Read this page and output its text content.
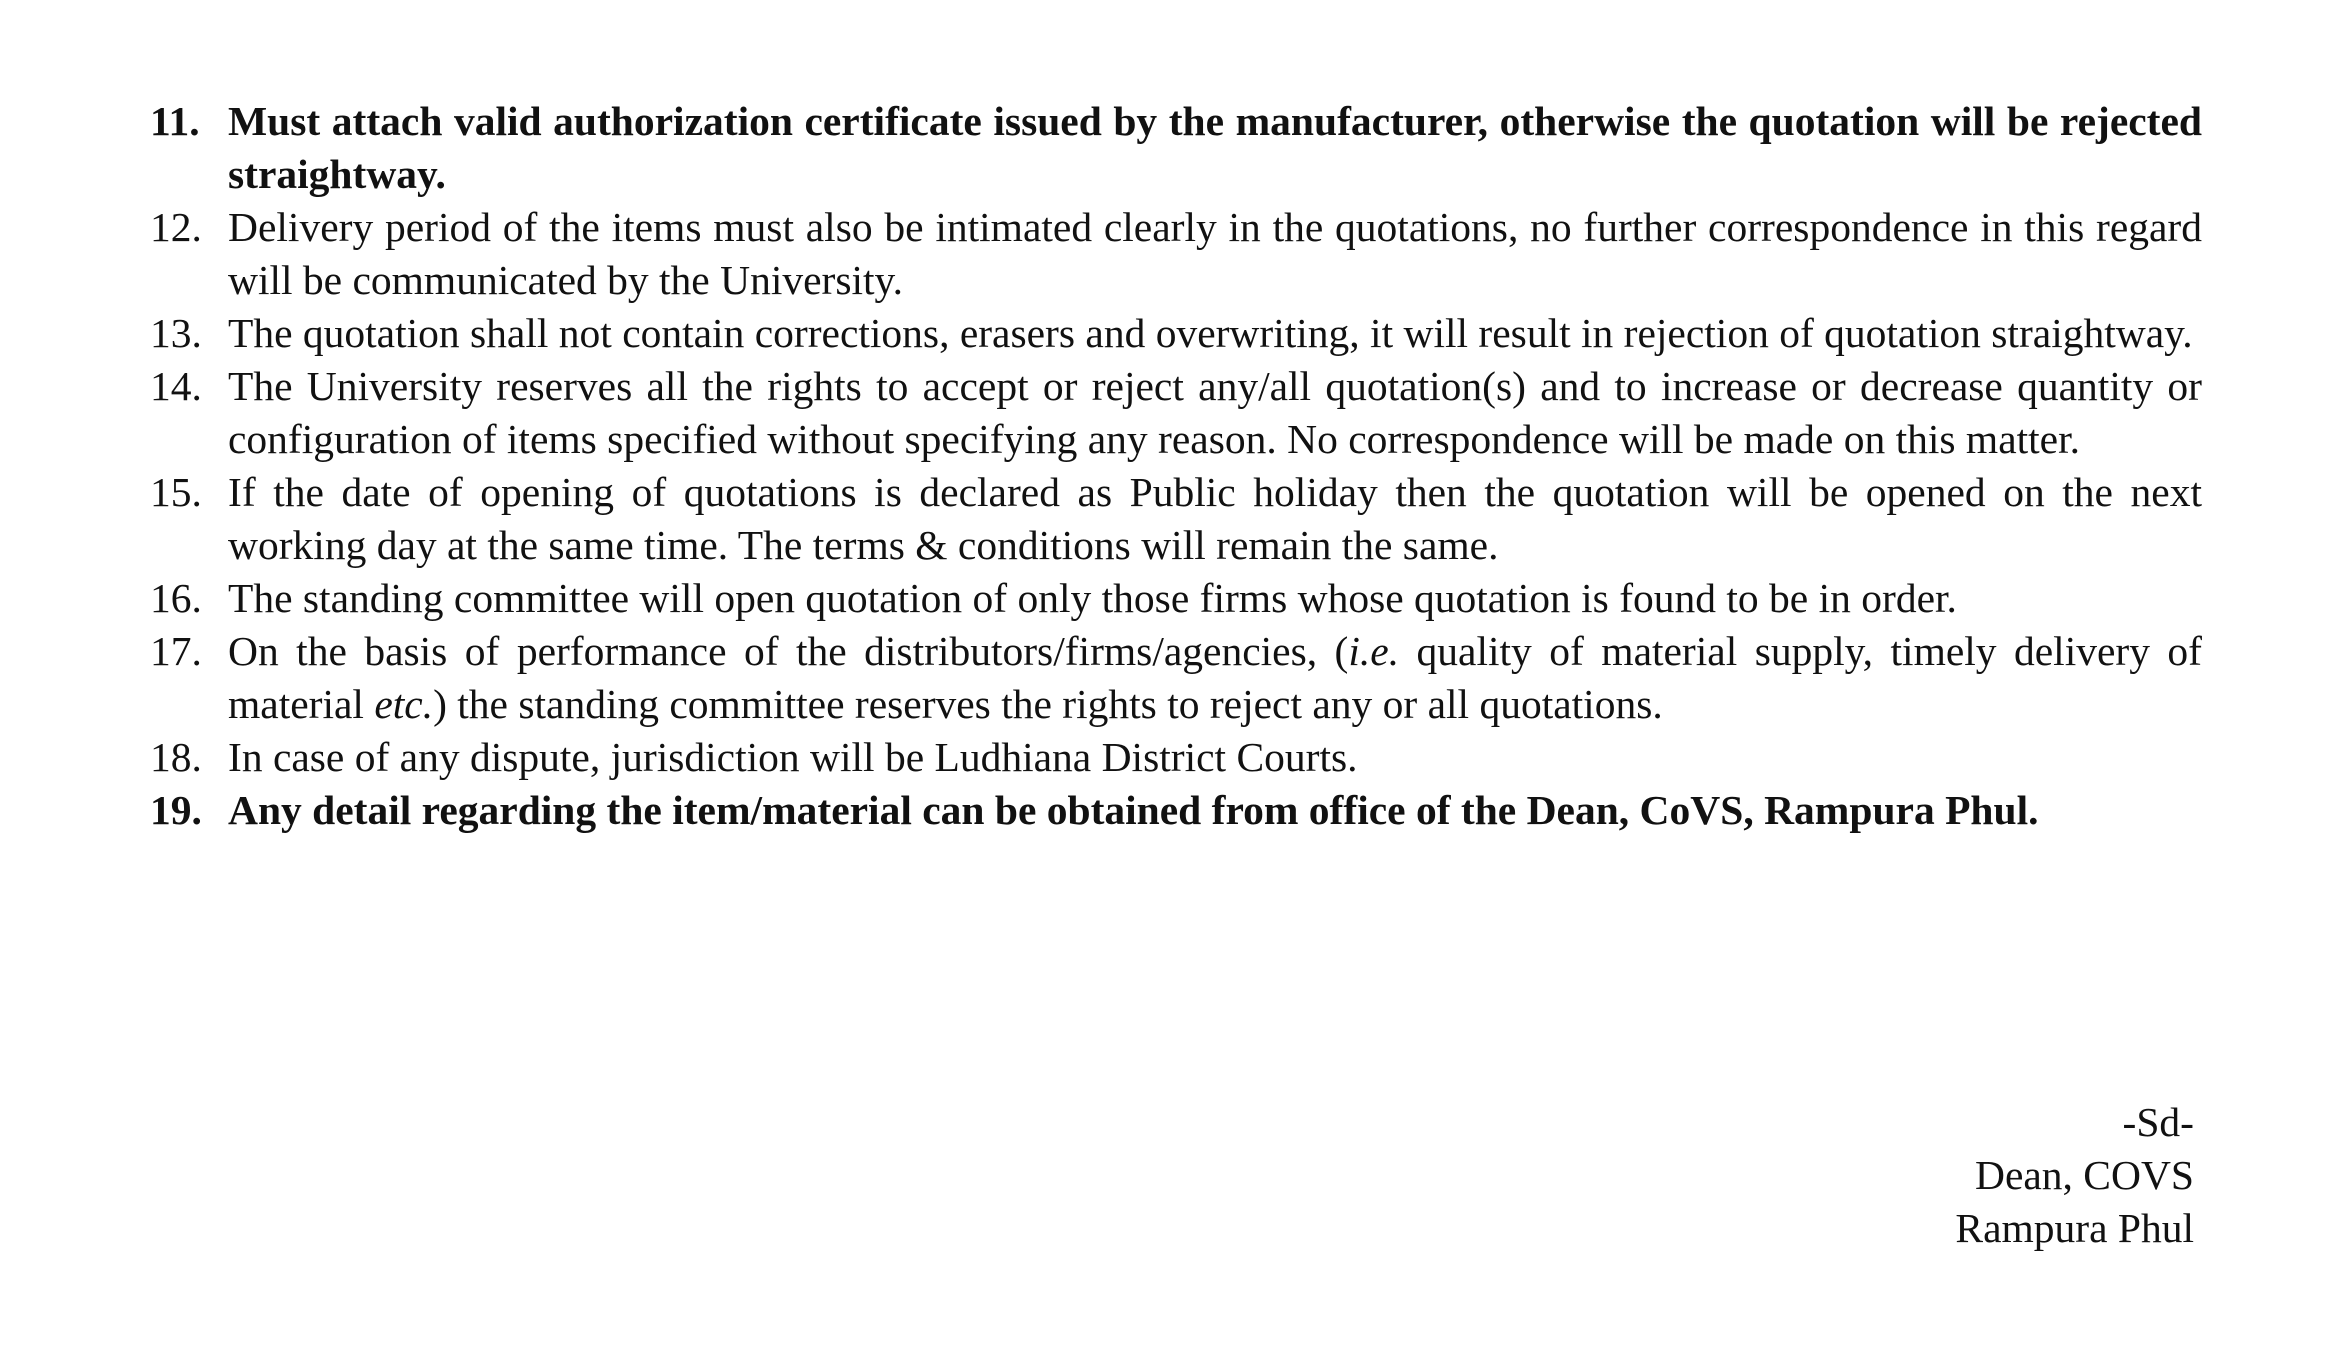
11. Must attach valid authorization certificate issued by the manufacturer, otherwise the quotation will be rejected straightway.
12. Delivery period of the items must also be intimated clearly in the quotations, no further correspondence in this regard will be communicated by the University.
13. The quotation shall not contain corrections, erasers and overwriting, it will result in rejection of quotation straightway.
14. The University reserves all the rights to accept or reject any/all quotation(s) and to increase or decrease quantity or configuration of items specified without specifying any reason. No correspondence will be made on this matter.
15. If the date of opening of quotations is declared as Public holiday then the quotation will be opened on the next working day at the same time. The terms & conditions will remain the same.
16. The standing committee will open quotation of only those firms whose quotation is found to be in order.
17. On the basis of performance of the distributors/firms/agencies, (i.e. quality of material supply, timely delivery of material etc.) the standing committee reserves the rights to reject any or all quotations.
18. In case of any dispute, jurisdiction will be Ludhiana District Courts.
19. Any detail regarding the item/material can be obtained from office of the Dean, CoVS, Rampura Phul.
-Sd-
Dean, COVS
Rampura Phul
